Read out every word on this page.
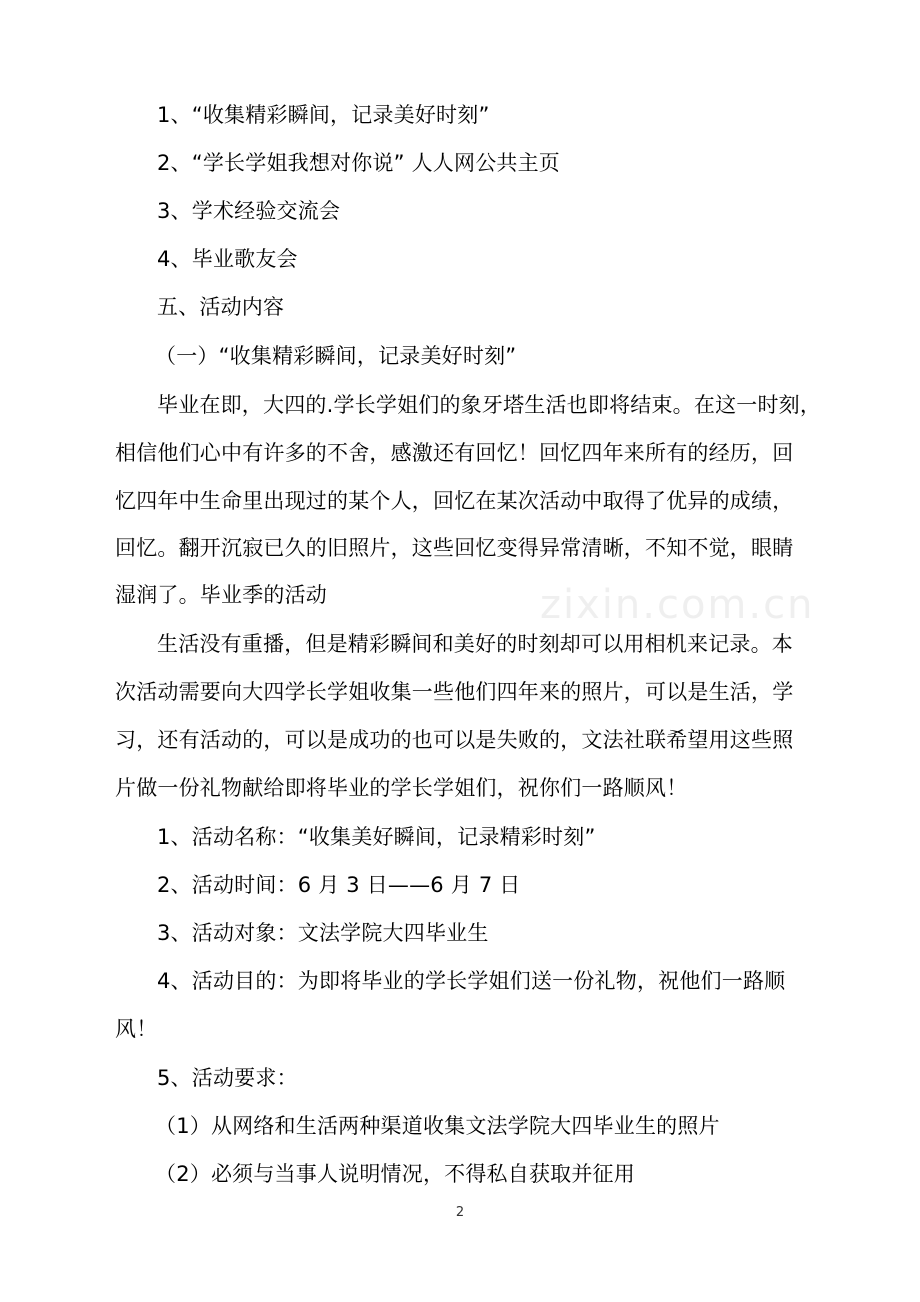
1、“收集精彩瞬间，记录美好时刻”
2、“学长学姐我想对你说” 人人网公共主页
3、学术经验交流会
4、毕业歌友会
五、活动内容
（一）“收集精彩瞬间，记录美好时刻”
毕业在即，大四的.学长学姐们的象牙塔生活也即将结束。在这一时刻，
相信他们心中有许多的不舍，感激还有回忆！回忆四年来所有的经历，回
忆四年中生命里出现过的某个人，回忆在某次活动中取得了优异的成绩，
回忆。翻开沉寂已久的旧照片，这些回忆变得异常清晰，不知不觉，眼睛
湿润了。毕业季的活动	zixin.com.cn
生活没有重播，但是精彩瞬间和美好的时刻却可以用相机来记录。本
次活动需要向大四学长学姐收集一些他们四年来的照片，可以是生活，学
习，还有活动的，可以是成功的也可以是失败的，文法社联希望用这些照
片做一份礼物献给即将毕业的学长学姐们，祝你们一路顺风！
1、活动名称：“收集美好瞬间，记录精彩时刻”
2、活动时间：6 月 3 日——6 月 7 日
3、活动对象：文法学院大四毕业生
4、活动目的：为即将毕业的学长学姐们送一份礼物，祝他们一路顺
风！
5、活动要求：
（1）从网络和生活两种渠道收集文法学院大四毕业生的照片
（2）必须与当事人说明情况，不得私自获取并征用
2
